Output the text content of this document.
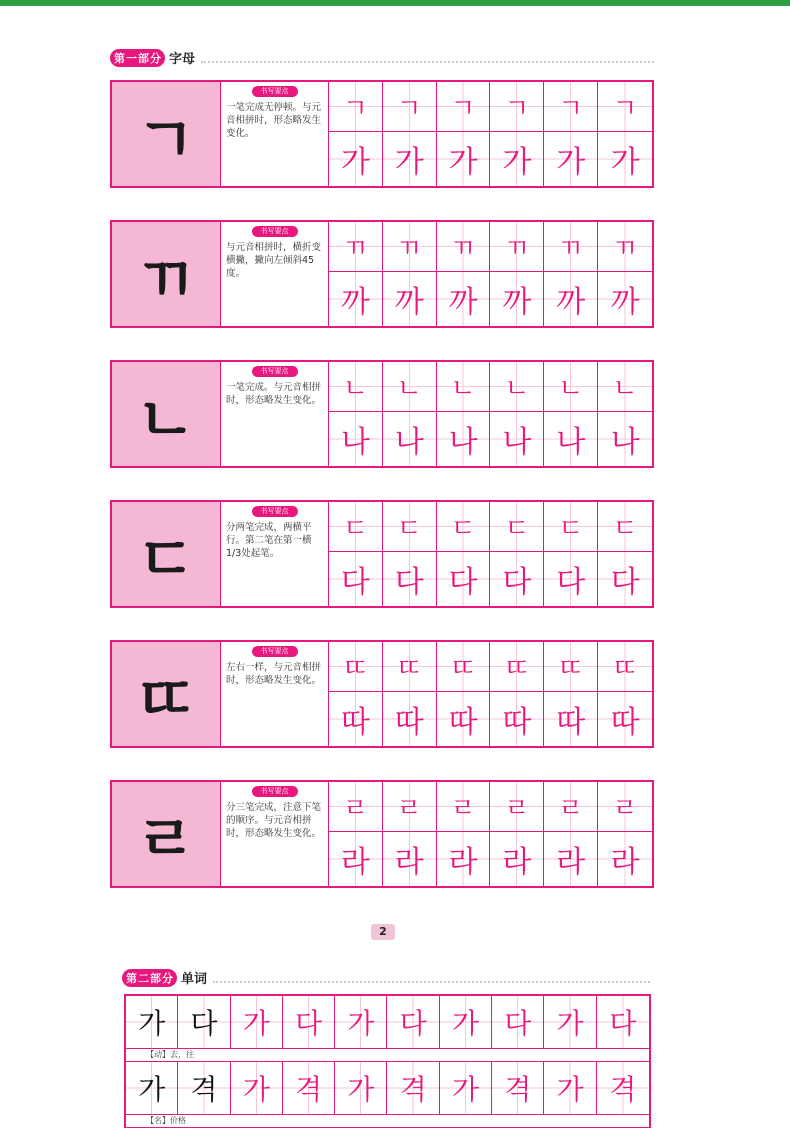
第 一 部 分 字母
ㄱ
书写要点
一笔完成无停顿。与元音相拼时，形态略发生变化。
ㄱ ㄱ ㄱ ㄱ ㄱ ㄱ
가 가 가 가 가 가
ㄲ
书写要点
与元音相拼时，横折变横撇，撇向左倾斜45度。
ㄲ ㄲ ㄲ ㄲ ㄲ ㄲ
까 까 까 까 까 까
ㄴ
书写要点
一笔完成。与元音相拼时，形态略发生变化。 ㄴ ㄴ ㄴ ㄴ ㄴ ㄴ
나 나 나 나 나 나
ㄷ
书写要点
分两笔完成，两横平行。第二笔在第一横1/3处起笔。
ㄷ ㄷ ㄷ ㄷ ㄷ ㄷ
다 다 다 다 다 다
ㄸ
书写要点
左右一样，与元音相拼时，形态略发生变化。 ㄸ ㄸ ㄸ ㄸ ㄸ ㄸ
따 따 따 따 따 따
ㄹ
书写要点
分三笔完成，注意下笔的顺序。与元音相拼时，形态略发生变化。
ㄹ ㄹ ㄹ ㄹ ㄹ ㄹ
라 라 라 라 라 라
2
第 二 部 分 单词
가 다 가 다 가 다 가 다 가 다
【动】去，往
가 격 가 격 가 격 가 격 가 격
【名】价格
